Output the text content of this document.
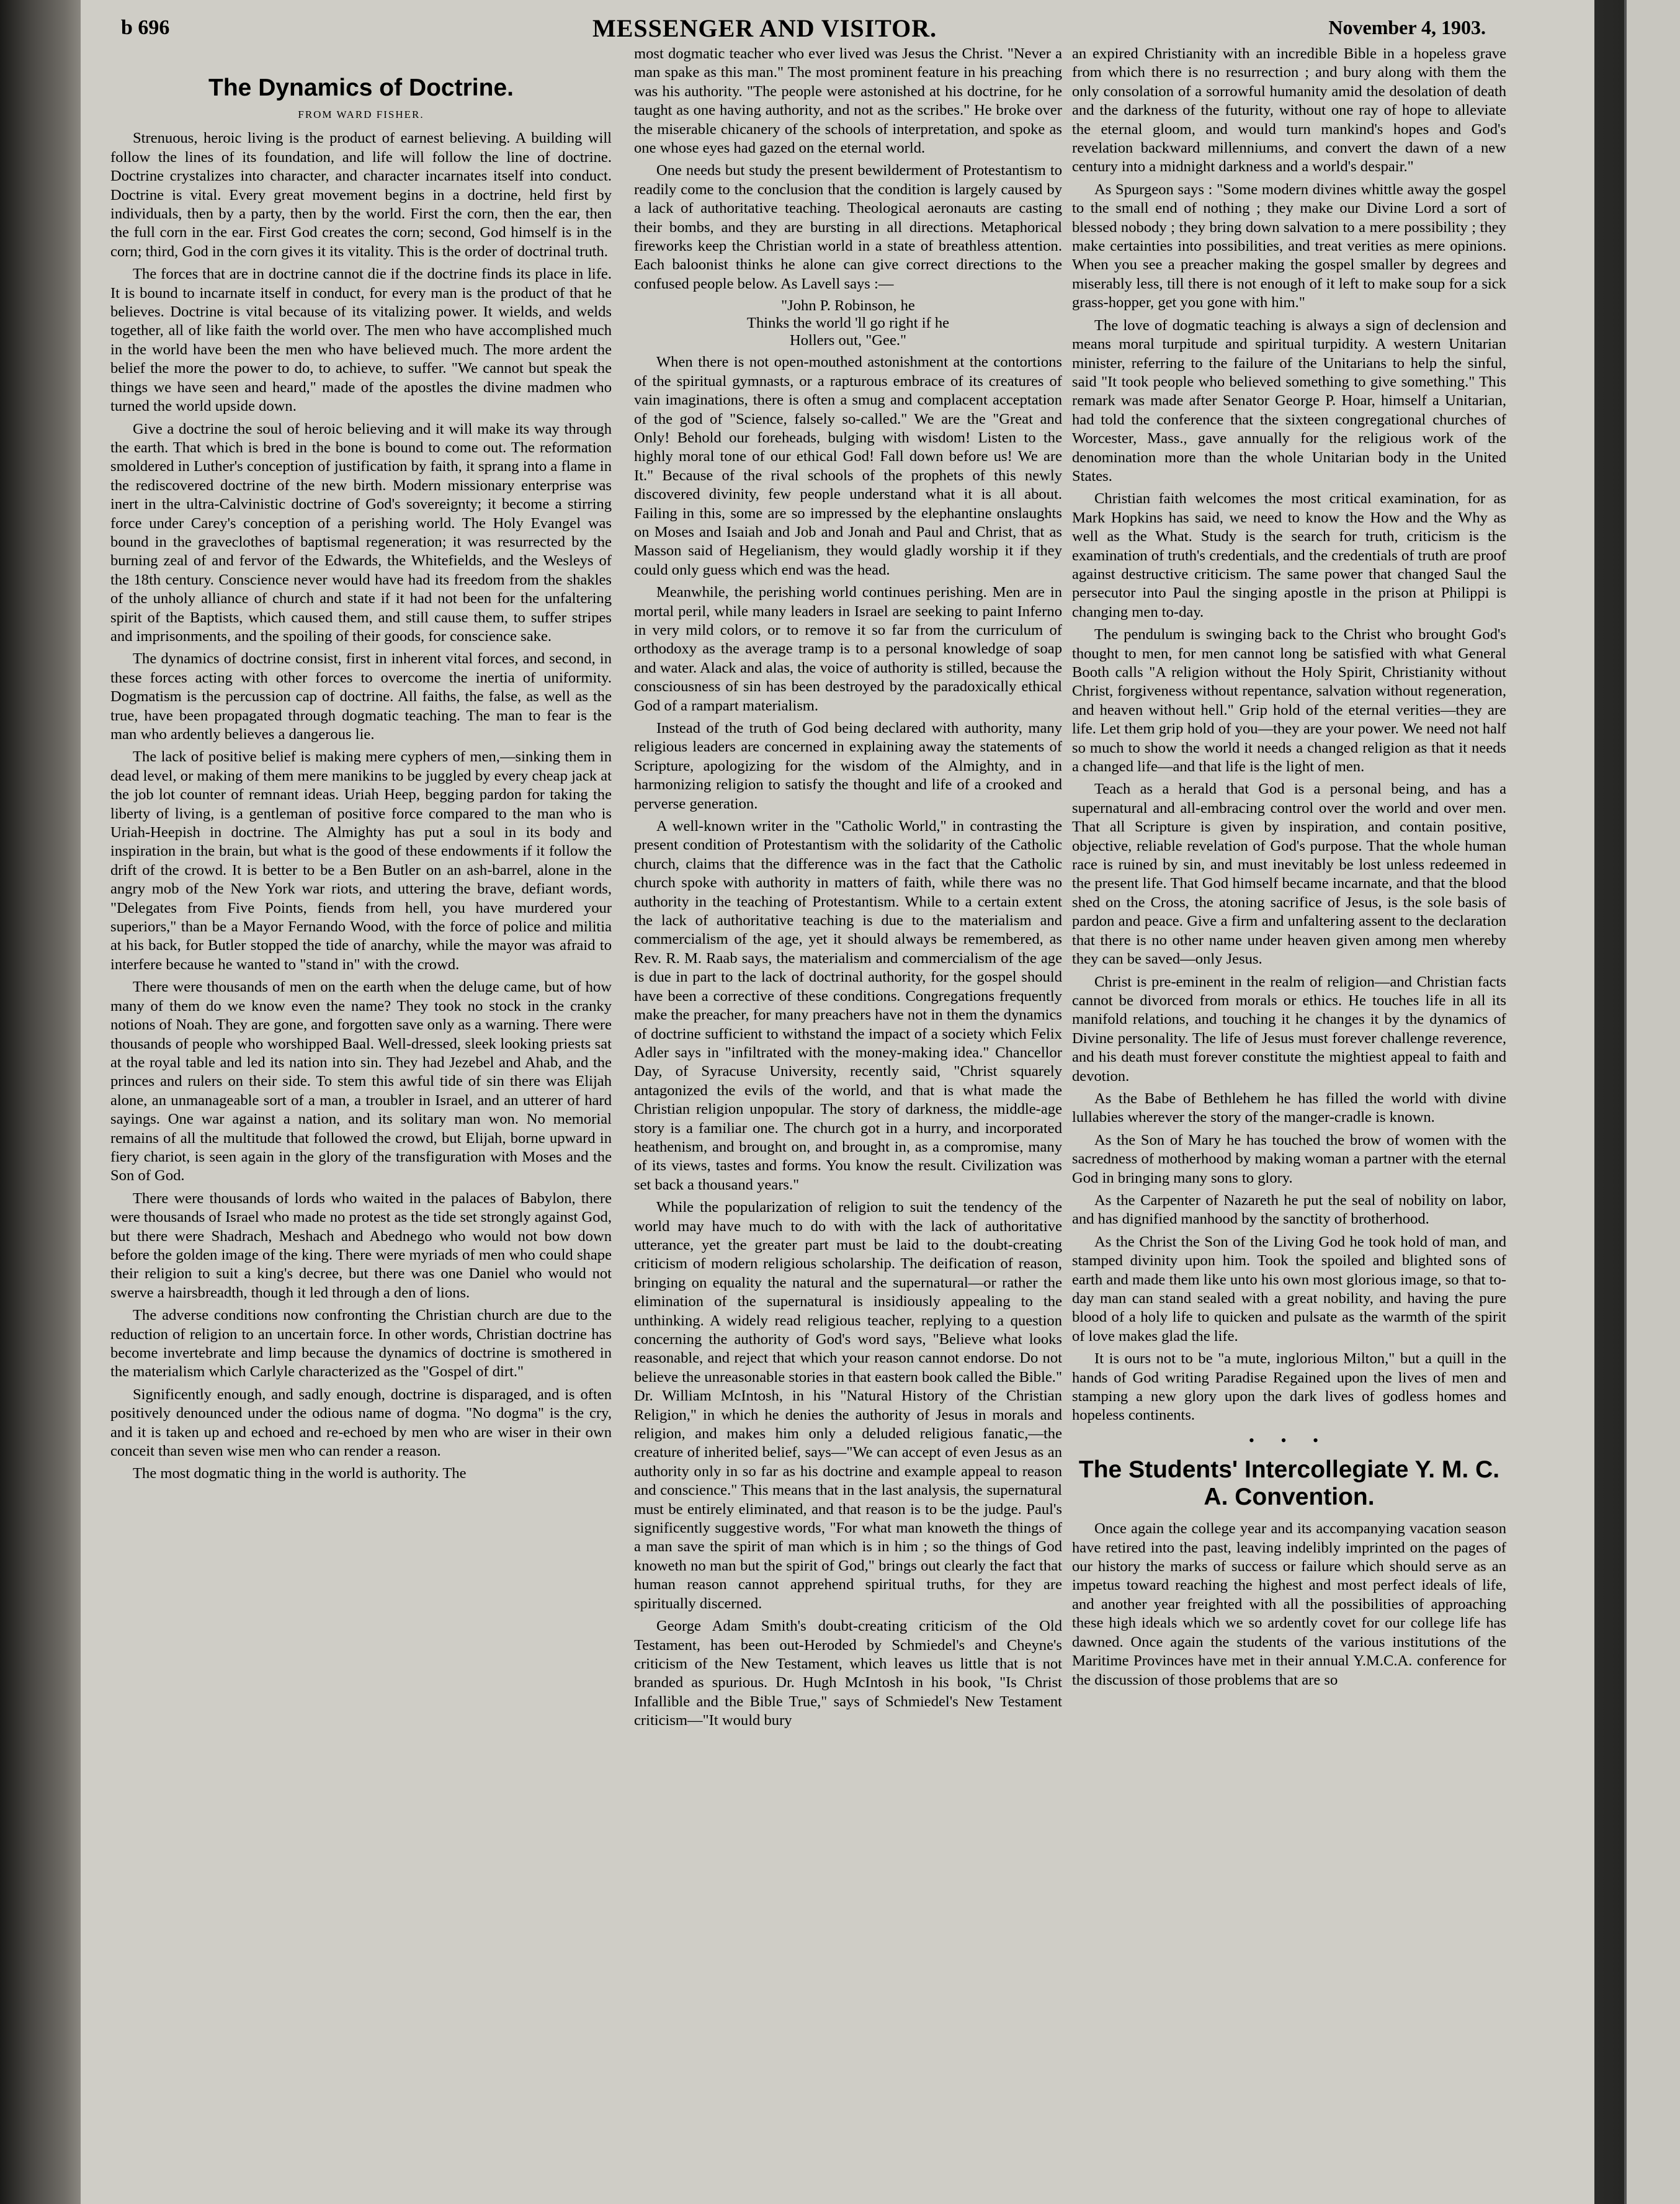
b 696	MESSENGER AND VISITOR.	November 4, 1903.
The Dynamics of Doctrine.
FROM WARD FISHER.

Strenuous, heroic living is the product of earnest believing. A building will follow the lines of its foundation, and life will follow the line of doctrine. Doctrine crystalizes into character, and character incarnates itself into conduct. Doctrine is vital. Every great movement begins in a doctrine, held first by individuals, then by a party, then by the world. First the corn, then the ear, then the full corn in the ear. First God creates the corn; second, God himself is in the corn; third, God in the corn gives it its vitality. This is the order of doctrinal truth.

The forces that are in doctrine cannot die if the doctrine finds its place in life. It is bound to incarnate itself in conduct, for every man is the product of that he believes. Doctrine is vital because of its vitalizing power. It wields, and welds together, all of like faith the world over. The men who have accomplished much in the world have been the men who have believed much. The more ardent the belief the more the power to do, to achieve, to suffer. "We cannot but speak the things we have seen and heard," made of the apostles the divine madmen who turned the world upside down.

Give a doctrine the soul of heroic believing and it will make its way through the earth. That which is bred in the bone is bound to come out. The reformation smoldered in Luther's conception of justification by faith, it sprang into a flame in the rediscovered doctrine of the new birth. Modern missionary enterprise was inert in the ultra-Calvinistic doctrine of God's sovereignty; it become a stirring force under Carey's conception of a perishing world. The Holy Evangel was bound in the graveclothes of baptismal regeneration; it was resurrected by the burning zeal of and fervor of the Edwards, the Whitefields, and the Wesleys of the 18th century. Conscience never would have had its freedom from the shakles of the unholy alliance of church and state if it had not been for the unfaltering spirit of the Baptists, which caused them, and still cause them, to suffer stripes and imprisonments, and the spoiling of their goods, for conscience sake.

The dynamics of doctrine consist, first in inherent vital forces, and second, in these forces acting with other forces to overcome the inertia of uniformity. Dogmatism is the percussion cap of doctrine. All faiths, the false, as well as the true, have been propagated through dogmatic teaching. The man to fear is the man who ardently believes a dangerous lie.

The lack of positive belief is making mere cyphers of men,—sinking them in dead level, or making of them mere manikins to be juggled by every cheap jack at the job lot counter of remnant ideas. Uriah Heep, begging pardon for taking the liberty of living, is a gentleman of positive force compared to the man who is Uriah-Heepish in doctrine. The Almighty has put a soul in its body and inspiration in the brain, but what is the good of these endowments if it follow the drift of the crowd. It is better to be a Ben Butler on an ash-barrel, alone in the angry mob of the New York war riots, and uttering the brave, defiant words, "Delegates from Five Points, fiends from hell, you have murdered your superiors," than be a Mayor Fernando Wood, with the force of police and militia at his back, for Butler stopped the tide of anarchy, while the mayor was afraid to interfere because he wanted to "stand in" with the crowd.

There were thousands of men on the earth when the deluge came, but of how many of them do we know even the name? They took no stock in the cranky notions of Noah. They are gone, and forgotten save only as a warning. There were thousands of people who worshipped Baal. Well-dressed, sleek looking priests sat at the royal table and led its nation into sin. They had Jezebel and Ahab, and the princes and rulers on their side. To stem this awful tide of sin there was Elijah alone, an unmanageable sort of a man, a troubler in Israel, and an utterer of hard sayings. One war against a nation, and its solitary man won. No memorial remains of all the multitude that followed the crowd, but Elijah, borne upward in fiery chariot, is seen again in the glory of the transfiguration with Moses and the Son of God.

There were thousands of lords who waited in the palaces of Babylon, there were thousands of Israel who made no protest as the tide set strongly against God, but there were Shadrach, Meshach and Abednego who would not bow down before the golden image of the king. There were myriads of men who could shape their religion to suit a king's decree, but there was one Daniel who would not swerve a hairsbreadth, though it led through a den of lions.

The adverse conditions now confronting the Christian church are due to the reduction of religion to an uncertain force. In other words, Christian doctrine has become invertebrate and limp because the dynamics of doctrine is smothered in the materialism which Carlyle characterized as the "Gospel of dirt."

Significently enough, and sadly enough, doctrine is disparaged, and is often positively denounced under the odious name of dogma. "No dogma" is the cry, and it is taken up and echoed and re-echoed by men who are wiser in their own conceit than seven wise men who can render a reason.

The most dogmatic thing in the world is authority. The

most dogmatic teacher who ever lived was Jesus the Christ. "Never a man spake as this man." The most prominent feature in his preaching was his authority. "The people were astonished at his doctrine, for he taught as one having authority, and not as the scribes." He broke over the miserable chicanery of the schools of interpretation, and spoke as one whose eyes had gazed on the eternal world.

One needs but study the present bewilderment of Protestantism to readily come to the conclusion that the condition is largely caused by a lack of authoritative teaching. Theological aeronauts are casting their bombs, and they are bursting in all directions. Metaphorical fireworks keep the Christian world in a state of breathless attention. Each baloonist thinks he alone can give correct directions to the confused people below. As Lavell says :—

"John P. Robinson, he
Thinks the world 'll go right if he
Hollers out, "Gee."

When there is not open-mouthed astonishment at the contortions of the spiritual gymnasts, or a rapturous embrace of its creatures of vain imaginations, there is often a smug and complacent acceptation of the god of "Science, falsely so-called." We are the "Great and Only! Behold our foreheads, bulging with wisdom! Listen to the highly moral tone of our ethical God! Fall down before us! We are It." Because of the rival schools of the prophets of this newly discovered divinity, few people understand what it is all about. Failing in this, some are so impressed by the elephantine onslaughts on Moses and Isaiah and Job and Jonah and Paul and Christ, that as Masson said of Hegelianism, they would gladly worship it if they could only guess which end was the head.

Meanwhile, the perishing world continues perishing. Men are in mortal peril, while many leaders in Israel are seeking to paint Inferno in very mild colors, or to remove it so far from the curriculum of orthodoxy as the average tramp is to a personal knowledge of soap and water. Alack and alas, the voice of authority is stilled, because the consciousness of sin has been destroyed by the paradoxically ethical God of a rampart materialism.

Instead of the truth of God being declared with authority, many religious leaders are concerned in explaining away the statements of Scripture, apologizing for the wisdom of the Almighty, and in harmonizing religion to satisfy the thought and life of a crooked and perverse generation.

A well-known writer in the "Catholic World," in contrasting the present condition of Protestantism with the solidarity of the Catholic church, claims that the difference was in the fact that the Catholic church spoke with authority in matters of faith, while there was no authority in the teaching of Protestantism. While to a certain extent the lack of authoritative teaching is due to the materialism and commercialism of the age, yet it should always be remembered, as Rev. R. M. Raab says, the materialism and commercialism of the age is due in part to the lack of doctrinal authority, for the gospel should have been a corrective of these conditions. Congregations frequently make the preacher, for many preachers have not in them the dynamics of doctrine sufficient to withstand the impact of a society which Felix Adler says in "infiltrated with the money-making idea." Chancellor Day, of Syracuse University, recently said, "Christ squarely antagonized the evils of the world, and that is what made the Christian religion unpopular. The story of darkness, the middle-age story is a familiar one. The church got in a hurry, and incorporated heathenism, and brought on, and brought in, as a compromise, many of its views, tastes and forms. You know the result. Civilization was set back a thousand years."

While the popularization of religion to suit the tendency of the world may have much to do with with the lack of authoritative utterance, yet the greater part must be laid to the doubt-creating criticism of modern religious scholarship. The deification of reason, bringing on equality the natural and the supernatural—or rather the elimination of the supernatural is insidiously appealing to the unthinking. A widely read religious teacher, replying to a question concerning the authority of God's word says, "Believe what looks reasonable, and reject that which your reason cannot endorse. Do not believe the unreasonable stories in that eastern book called the Bible." Dr. William McIntosh, in his "Natural History of the Christian Religion," in which he denies the authority of Jesus in morals and religion, and makes him only a deluded religious fanatic,—the creature of inherited belief, says—"We can accept of even Jesus as an authority only in so far as his doctrine and example appeal to reason and conscience." This means that in the last analysis, the supernatural must be entirely eliminated, and that reason is to be the judge. Paul's significently suggestive words, "For what man knoweth the things of a man save the spirit of man which is in him ; so the things of God knoweth no man but the spirit of God," brings out clearly the fact that human reason cannot apprehend spiritual truths, for they are spiritually discerned.

George Adam Smith's doubt-creating criticism of the Old Testament, has been out-Heroded by Schmiedel's and Cheyne's criticism of the New Testament, which leaves us little that is not branded as spurious. Dr. Hugh McIntosh in his book, "Is Christ Infallible and the Bible True," says of Schmiedel's New Testament criticism—"It would bury

an expired Christianity with an incredible Bible in a hopeless grave from which there is no resurrection ; and bury along with them the only consolation of a sorrowful humanity amid the desolation of death and the darkness of the futurity, without one ray of hope to alleviate the eternal gloom, and would turn mankind's hopes and God's revelation backward millenniums, and convert the dawn of a new century into a midnight darkness and a world's despair."

As Spurgeon says : "Some modern divines whittle away the gospel to the small end of nothing ; they make our Divine Lord a sort of blessed nobody ; they bring down salvation to a mere possibility ; they make certainties into possibilities, and treat verities as mere opinions. When you see a preacher making the gospel smaller by degrees and miserably less, till there is not enough of it left to make soup for a sick grass-hopper, get you gone with him."

The love of dogmatic teaching is always a sign of declension and means moral turpitude and spiritual turpidity. A western Unitarian minister, referring to the failure of the Unitarians to help the sinful, said "It took people who believed something to give something." This remark was made after Senator George P. Hoar, himself a Unitarian, had told the conference that the sixteen congregational churches of Worcester, Mass., gave annually for the religious work of the denomination more than the whole Unitarian body in the United States.

Christian faith welcomes the most critical examination, for as Mark Hopkins has said, we need to know the How and the Why as well as the What. Study is the search for truth, criticism is the examination of truth's credentials, and the credentials of truth are proof against destructive criticism. The same power that changed Saul the persecutor into Paul the singing apostle in the prison at Philippi is changing men to-day.

The pendulum is swinging back to the Christ who brought God's thought to men, for men cannot long be satisfied with what General Booth calls "A religion without the Holy Spirit, Christianity without Christ, forgiveness without repentance, salvation without regeneration, and heaven without hell." Grip hold of the eternal verities—they are life. Let them grip hold of you—they are your power. We need not half so much to show the world it needs a changed religion as that it needs a changed life—and that life is the light of men.

Teach as a herald that God is a personal being, and has a supernatural and all-embracing control over the world and over men. That all Scripture is given by inspiration, and contain positive, objective, reliable revelation of God's purpose. That the whole human race is ruined by sin, and must inevitably be lost unless redeemed in the present life. That God himself became incarnate, and that the blood shed on the Cross, the atoning sacrifice of Jesus, is the sole basis of pardon and peace. Give a firm and unfaltering assent to the declaration that there is no other name under heaven given among men whereby they can be saved—only Jesus.

Christ is pre-eminent in the realm of religion—and Christian facts cannot be divorced from morals or ethics. He touches life in all its manifold relations, and touching it he changes it by the dynamics of Divine personality. The life of Jesus must forever challenge reverence, and his death must forever constitute the mightiest appeal to faith and devotion.

As the Babe of Bethlehem he has filled the world with divine lullabies wherever the story of the manger-cradle is known.

As the Son of Mary he has touched the brow of women with the sacredness of motherhood by making woman a partner with the eternal God in bringing many sons to glory.

As the Carpenter of Nazareth he put the seal of nobility on labor, and has dignified manhood by the sanctity of brotherhood.

As the Christ the Son of the Living God he took hold of man, and stamped divinity upon him. Took the spoiled and blighted sons of earth and made them like unto his own most glorious image, so that to-day man can stand sealed with a great nobility, and having the pure blood of a holy life to quicken and pulsate as the warmth of the spirit of love makes glad the life.

It is ours not to be "a mute, inglorious Milton," but a quill in the hands of God writing Paradise Regained upon the lives of men and stamping a new glory upon the dark lives of godless homes and hopeless continents.

• • •
The Students' Intercollegiate Y. M. C. A. Convention.

Once again the college year and its accompanying vacation season have retired into the past, leaving indelibly imprinted on the pages of our history the marks of success or failure which should serve as an impetus toward reaching the highest and most perfect ideals of life, and another year freighted with all the possibilities of approaching these high ideals which we so ardently covet for our college life has dawned. Once again the students of the various institutions of the Maritime Provinces have met in their annual Y.M.C.A. conference for the discussion of those problems that are so
